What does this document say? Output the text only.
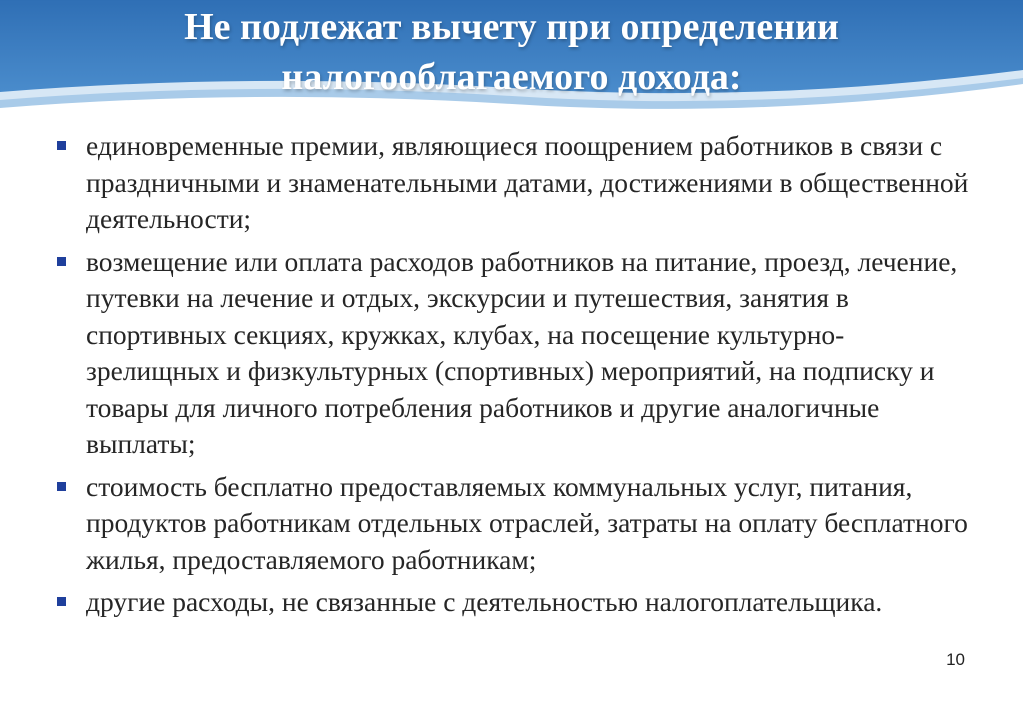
Не подлежат вычету при определении
налогооблагаемого дохода:
единовременные премии, являющиеся поощрением работников в связи с праздничными и знаменательными датами, достижениями в общественной деятельности;
возмещение или оплата расходов работников на питание, проезд, лечение, путевки на лечение и отдых, экскурсии и путешествия, занятия в спортивных секциях, кружках, клубах, на посещение культурно-зрелищных и физкультурных (спортивных) мероприятий, на подписку и товары для личного потребления работников и другие аналогичные выплаты;
стоимость бесплатно предоставляемых коммунальных услуг, питания, продуктов работникам отдельных отраслей, затраты на оплату бесплатного жилья, предоставляемого работникам;
другие расходы, не связанные с деятельностью налогоплательщика.
10
